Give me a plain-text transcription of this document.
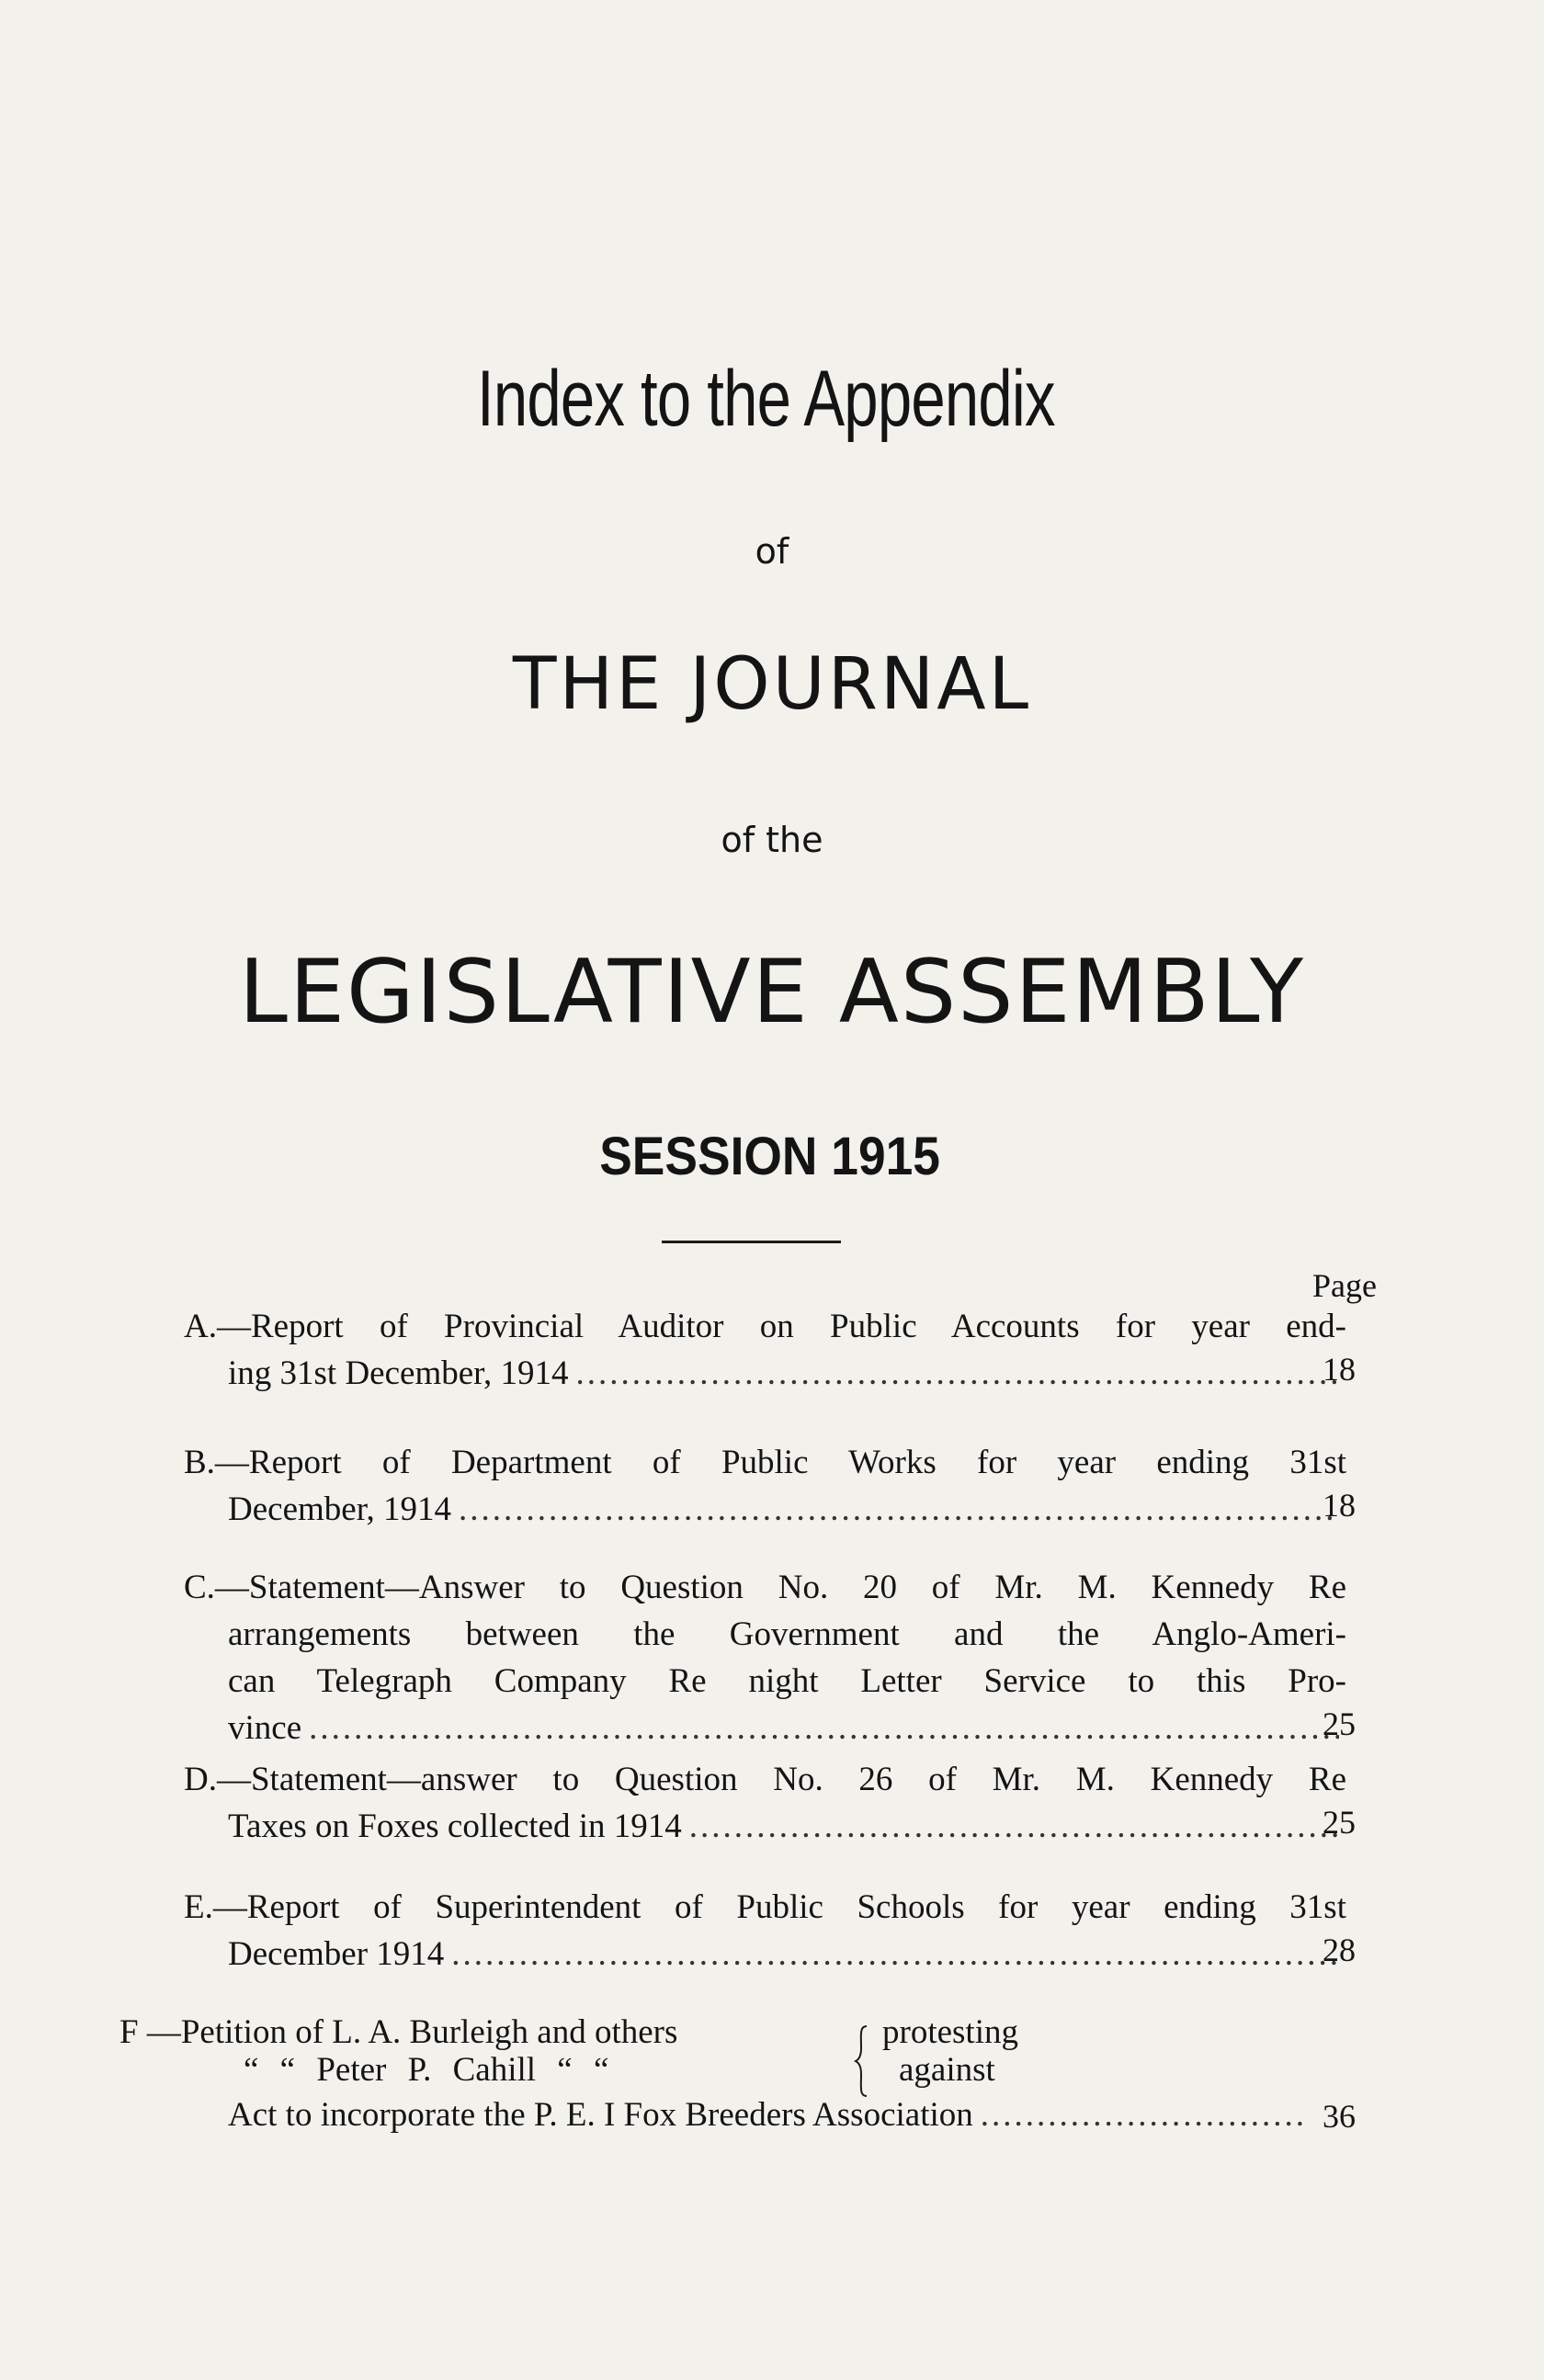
Index to the Appendix
of
THE JOURNAL
of the
LEGISLATIVE ASSEMBLY
SESSION 1915
Page
A.—Report of Provincial Auditor on Public Accounts for year end-
ing 31st December, 1914 .....	18
B.—Report of Department of Public Works for year ending 31st
December, 1914 .....	18
C.—Statement—Answer to Question No. 20 of Mr. M. Kennedy Re
arrangements between the Government and the Anglo-Ameri-
can Telegraph Company Re night Letter Service to this Pro-
vince .....	25
D.—Statement—answer to Question No. 26 of Mr. M. Kennedy Re
Taxes on Foxes collected in 1914 .....	25
E.—Report of Superintendent of Public Schools for year ending 31st
December 1914 .....	28
F —Petition of L. A. Burleigh and others
“ “ Peter P. Cahill “ “
protesting
against
Act to incorporate the P. E. I Fox Breeders Association .....	36
